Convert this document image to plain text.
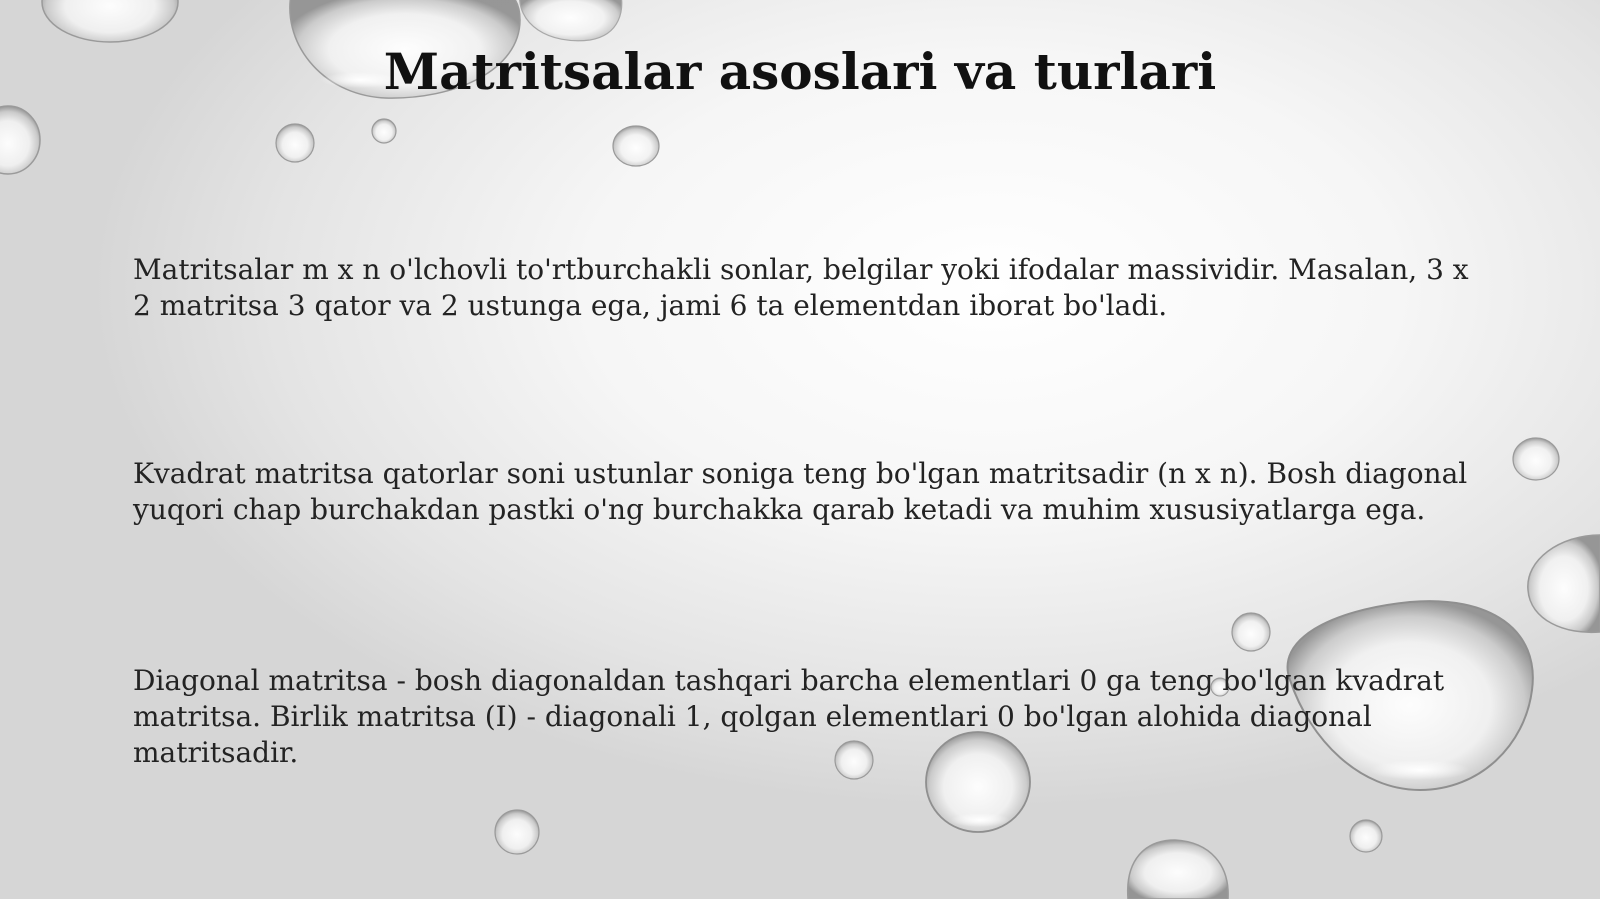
Matritsalar asoslari va turlari

Matritsalar m x n o'lchovli to'rtburchakli sonlar, belgilar yoki ifodalar massividir. Masalan, 3 x 2 matritsa 3 qator va 2 ustunga ega, jami 6 ta elementdan iborat bo'ladi.

Kvadrat matritsa qatorlar soni ustunlar soniga teng bo'lgan matritsadir (n x n). Bosh diagonal yuqori chap burchakdan pastki o'ng burchakka qarab ketadi va muhim xususiyatlarga ega.

Diagonal matritsa - bosh diagonaldan tashqari barcha elementlari 0 ga teng bo'lgan kvadrat matritsa. Birlik matritsa (I) - diagonali 1, qolgan elementlari 0 bo'lgan alohida diagonal matritsadir.
